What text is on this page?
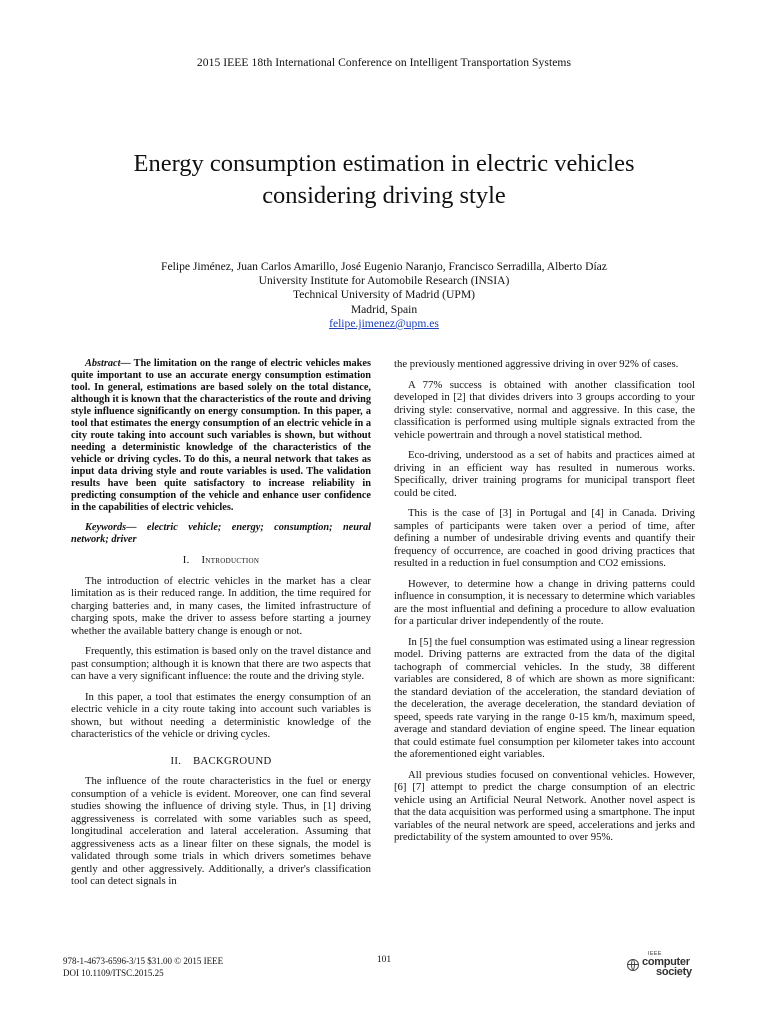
2015 IEEE 18th International Conference on Intelligent Transportation Systems
Energy consumption estimation in electric vehicles
considering driving style
Felipe Jiménez, Juan Carlos Amarillo, José Eugenio Naranjo, Francisco Serradilla, Alberto Díaz
University Institute for Automobile Research (INSIA)
Technical University of Madrid (UPM)
Madrid, Spain
felipe.jimenez@upm.es

Abstract— The limitation on the range of electric vehicles makes quite important to use an accurate energy consumption estimation tool. In general, estimations are based solely on the total distance, although it is known that the characteristics of the route and driving style influence significantly on energy consumption. In this paper, a tool that estimates the energy consumption of an electric vehicle in a city route taking into account such variables is shown, but without needing a deterministic knowledge of the characteristics of the vehicle or driving cycles. To do this, a neural network that takes as input data driving style and route variables is used. The validation results have been quite satisfactory to increase reliability in predicting consumption of the vehicle and enhance user confidence in the capabilities of electric vehicles.

Keywords— electric vehicle; energy; consumption; neural network; driver

I. Introduction

The introduction of electric vehicles in the market has a clear limitation as is their reduced range. In addition, the time required for charging batteries and, in many cases, the limited infrastructure of charging spots, make the driver to assess before starting a journey whether the available battery change is enough or not.

Frequently, this estimation is based only on the travel distance and past consumption; although it is known that there are two aspects that can have a very significant influence: the route and the driving style.

In this paper, a tool that estimates the energy consumption of an electric vehicle in a city route taking into account such variables is shown, but without needing a deterministic knowledge of the characteristics of the vehicle or driving cycles.

II. BACKGROUND

The influence of the route characteristics in the fuel or energy consumption of a vehicle is evident. Moreover, one can find several studies showing the influence of driving style. Thus, in [1] driving aggressiveness is correlated with some variables such as speed, longitudinal acceleration and lateral acceleration. Assuming that aggressiveness acts as a linear filter on these signals, the model is validated through some trials in which drivers sometimes behave gently and other aggressively. Additionally, a driver's classification tool can detect signals in

the previously mentioned aggressive driving in over 92% of cases.

A 77% success is obtained with another classification tool developed in [2] that divides drivers into 3 groups according to your driving style: conservative, normal and aggressive. In this case, the classification is performed using multiple signals extracted from the vehicle powertrain and through a novel statistical method.

Eco-driving, understood as a set of habits and practices aimed at driving in an efficient way has resulted in numerous works. Specifically, driver training programs for municipal transport fleet could be cited.

This is the case of [3] in Portugal and [4] in Canada. Driving samples of participants were taken over a period of time, after defining a number of undesirable driving events and quantify their frequency of occurrence, are coached in good driving practices that resulted in a reduction in fuel consumption and CO2 emissions.

However, to determine how a change in driving patterns could influence in consumption, it is necessary to determine which variables are the most influential and defining a procedure to allow evaluation for a particular driver independently of the route.

In [5] the fuel consumption was estimated using a linear regression model. Driving patterns are extracted from the data of the digital tachograph of commercial vehicles. In the study, 38 different variables are considered, 8 of which are shown as more significant: the standard deviation of the acceleration, the standard deviation of the deceleration, the average deceleration, the standard deviation of speed, speeds rate varying in the range 0-15 km/h, maximum speed, average and standard deviation of engine speed. The linear equation that could estimate fuel consumption per kilometer takes into account the aforementioned eight variables.

All previous studies focused on conventional vehicles. However, [6] [7] attempt to predict the charge consumption of an electric vehicle using an Artificial Neural Network. Another novel aspect is that the data acquisition was performed using a smartphone. The input variables of the neural network are speed, accelerations and jerks and predictability of the system amounted to over 95%.

978-1-4673-6596-3/15 $31.00 © 2015 IEEE
DOI 10.1109/ITSC.2015.25
101
IEEE
computer
society
